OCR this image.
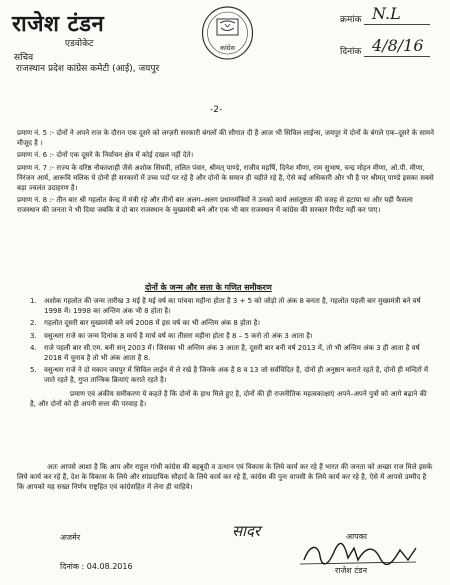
राजेश टंडन
एडवोकेट
सचिव
राजस्थान प्रदेश कांग्रेस कमेटी (आई), जयपुर
कांग्रेस
क्रमांक N.L
दिनांक 4/8/16
-2-

प्रमाण नं. 5 :- दोनों ने अपने राज के दौरान एक दूसरे को लग्ज़री सरकारी बंगलों की सौगात दी है आज भी सिविल लाईन्स, जयपुर में दोनों के बंगले एक–दूसरे के सामने मौजूद है ।

प्रमाण नं. 6 :- दोनों एक दूसरे के निर्वाचन क्षेत्र में कोई दखल नहीं देते।

प्रमाण नं. 7 :- राज्य के वरिष्ठ नौकरशाही जैसे अशोक सिंघवी, ललित पंवार, श्रीमत् पाण्डे, राजीव महर्षि, दिनेश मीणा, राम सुभाष, चन्द्र मोहन मीणा, ओ.पी. मीणा, निरंजन आर्य, आरूवि मलिक ये दोनों ही सरकारों में उच्च पदों पर रहे है और दोनों के समान ही चहीते रहे है, ऐसे कई अधिकारी और भी है पर श्रीमत् पाण्डे इसका सबसे बड़ा ज्वलंत उदाहरण है।

प्रमाण नं. 8 :- तीन बार श्री गहलोत केन्द्र में मंत्री रहे और तीनों बार अलग–अलग प्रधानमंत्रियों ने उनको कार्य असंतुष्टता की वजह से हटाया था और यही फैसला राजस्थान की जनता ने भी दिया जबकि वे दो बार राजस्थान के मुख्यमंत्री बने और एक भी बार राजस्थान में कांग्रेस की सरकार रिपीट नहीं कर पाए।

दोनों के जन्म और सत्ता के गणित समीकरण
1. अशोक गहलोत की जन्म तारीख 3 मई है मई वर्ष का पांचवा महीना होता है 3 + 5 को जोड़ो तो अंक 8 बनता है, गहलोत पहली बार मुख्यमंत्री बने वर्ष 1998 में। 1998 का अन्तिम अंक भी 8 होता है।
2. गहलोत दूसरी बार मुख्यमंत्री बने वर्ष 2008 में इस वर्ष का भी अन्तिम अंक 8 होता है।
3. वसुन्धरा राजे का जन्म दिनांक 8 मार्च है मार्च वर्ष का तीसरा महीना होता है 8 – 5 करो तो अंक 3 आता है।
4. राजे पहली बार सी.एम. बनी सन् 2003 में। जिसका भी अन्तिम अंक 3 आता है, दूसरी बार बनी वर्ष 2013 में, तो भी अन्तिम अंक 3 ही आता है वर्ष 2018 में चुनाव है तो भी अंक आता है 8.
5. वसुन्धरा राजे ने दो मकान जयपुर में सिविल लाईन में ले रखे है जिनके अंक है 8 व 13 जो सर्वविदित है, दोनों ही अनुष्ठान कराते रहते है, दोनों ही मन्दिरों में जाते रहते है, गुप्त तान्त्रिक क्रियाएं कराते रहते है।

प्रमाण एवं अंकीय समीकरण ये कहते है कि दोनों के हाथ मिले हुए है, दोनों की ही राजनीतिक महत्वकांक्षाएं अपने–अपने पुत्रों को आगे बढ़ाने की है, और दोनों को ही अपनी सत्ता की परवाह है।

अतः आपसे आशा है कि आप और राहुल गांधी कांग्रेस की बहबूदी व उत्थान एवं विकास के लिये कार्य कर रहे हैं भारत की जनता को अच्छा राज मिले इसके लिये कार्य कर रहे हैं, देश के विकास के लिये और सांप्रदायिक सौहार्द के लिये कार्य कर रहे हैं, कांग्रेस की पुनः वापसी के लिये कार्य कर रहे है, ऐसे में आपसे उम्मीद है कि आपको यह सख्त निर्णय राष्ट्रहित एवं कांग्रेसहित में लेना ही चाहिये।
सादर
अजमेर	आपका
दिनांक : 04.08.2016	राजेश टंडन
